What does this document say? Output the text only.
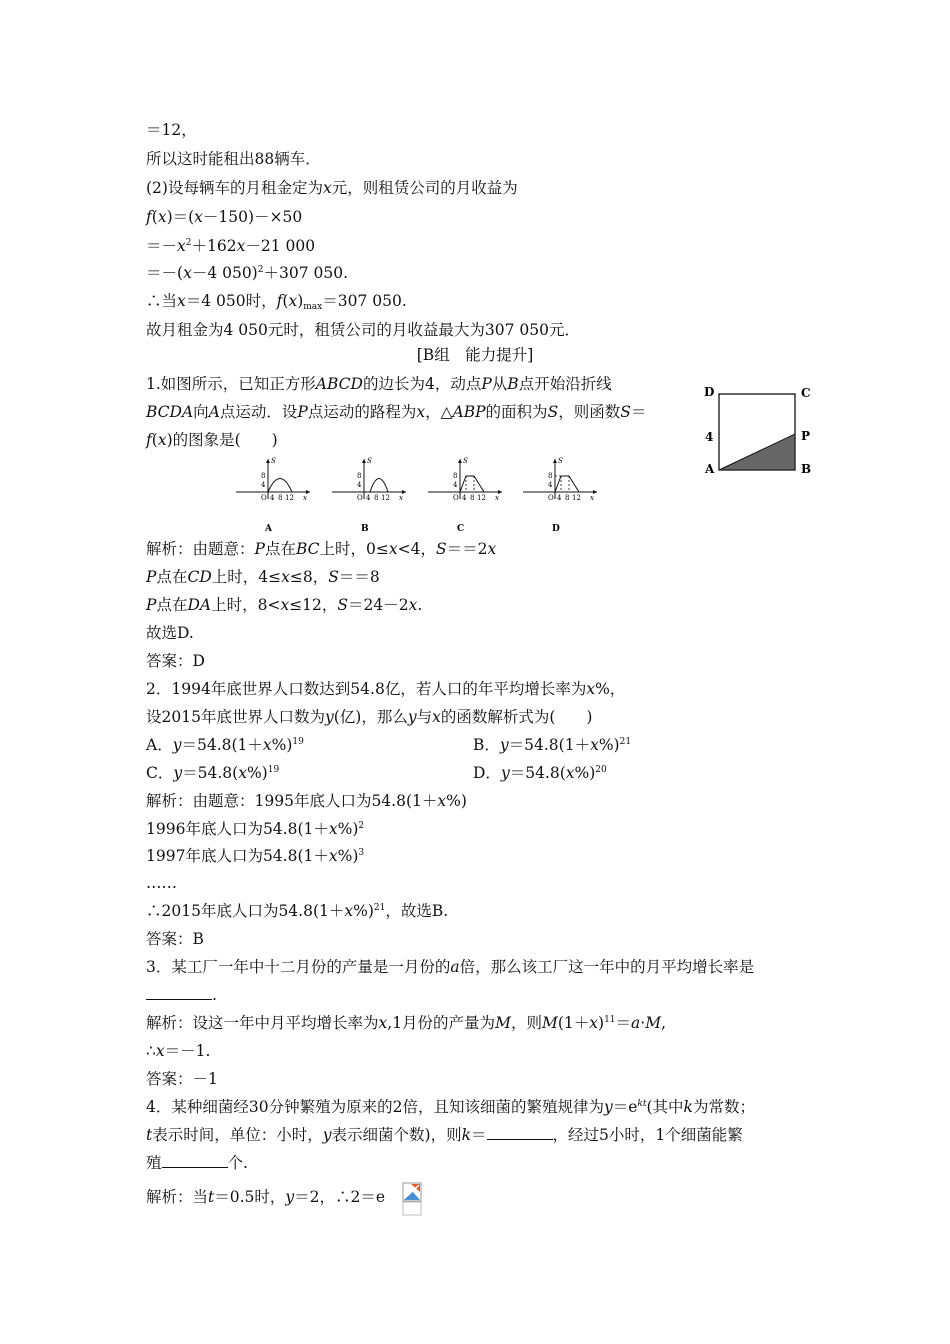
＝12，
所以这时能租出88辆车．
(2)设每辆车的月租金定为x元，则租赁公司的月收益为
f(x)＝(x－150)－×50
$=-x^2+162x-21$ 000
＝－(x－4 050)$^2$＋307 050.
∴当x＝4 050时，$f(x)_{max}=307$ 050.
故月租金为4 050元时，租赁公司的月收益最大为307 050元．
[B组　能力提升]
1.如图所示，已知正方形ABCD的边长为4，动点P从B点开始沿折线
BCDA向A点运动．设P点运动的路程为x，△ABP的面积为S，则函数S＝
f(x)的图象是(　　)
D	C
4	P
A	B
S
8
4
O 4 8 12 x
A
S
8
4
O 4 8 12 x
B
S
8
4
O 4 8 12 x
C
S
8
4
O 4 8 12 x
D
解析：由题意：P点在BC上时，0≤x<4，S＝＝2x
P点在CD上时，4≤x≤8，S＝＝8
P点在DA上时，8<x≤12，S＝24－2x.
故选D.
答案：D
2．1994年底世界人口数达到54.8亿，若人口的年平均增长率为x%，
设2015年底世界人口数为y(亿)，那么y与x的函数解析式为(　　)
A．$y=54.8(1+x\%)^{19}$	B．$y=54.8(1+x\%)^{21}$
C．$y=54.8(x\%)^{19}$	D．$y=54.8(x\%)^{20}$
解析：由题意：1995年底人口为54.8(1＋x%)
1996年底人口为$54.8(1+x\%)^2$
1997年底人口为$54.8(1+x\%)^3$
……
∴2015年底人口为$54.8(1+x\%)^{21}$，故选B.
答案：B
3．某工厂一年中十二月份的产量是一月份的a倍，那么该工厂这一年中的月平均增长率是
.
解析：设这一年中月平均增长率为x,1月份的产量为M，则$M(1+x)^{11}=a\cdot M$,
∴x＝－1.
答案：－1
4．某种细菌经30分钟繁殖为原来的2倍，且知该细菌的繁殖规律为$y=e^{kt}$(其中k为常数；
t表示时间，单位：小时，y表示细菌个数)，则k＝	，经过5小时，1个细菌能繁
殖	个.
解析：当t＝0.5时，y＝2，∴2＝e
